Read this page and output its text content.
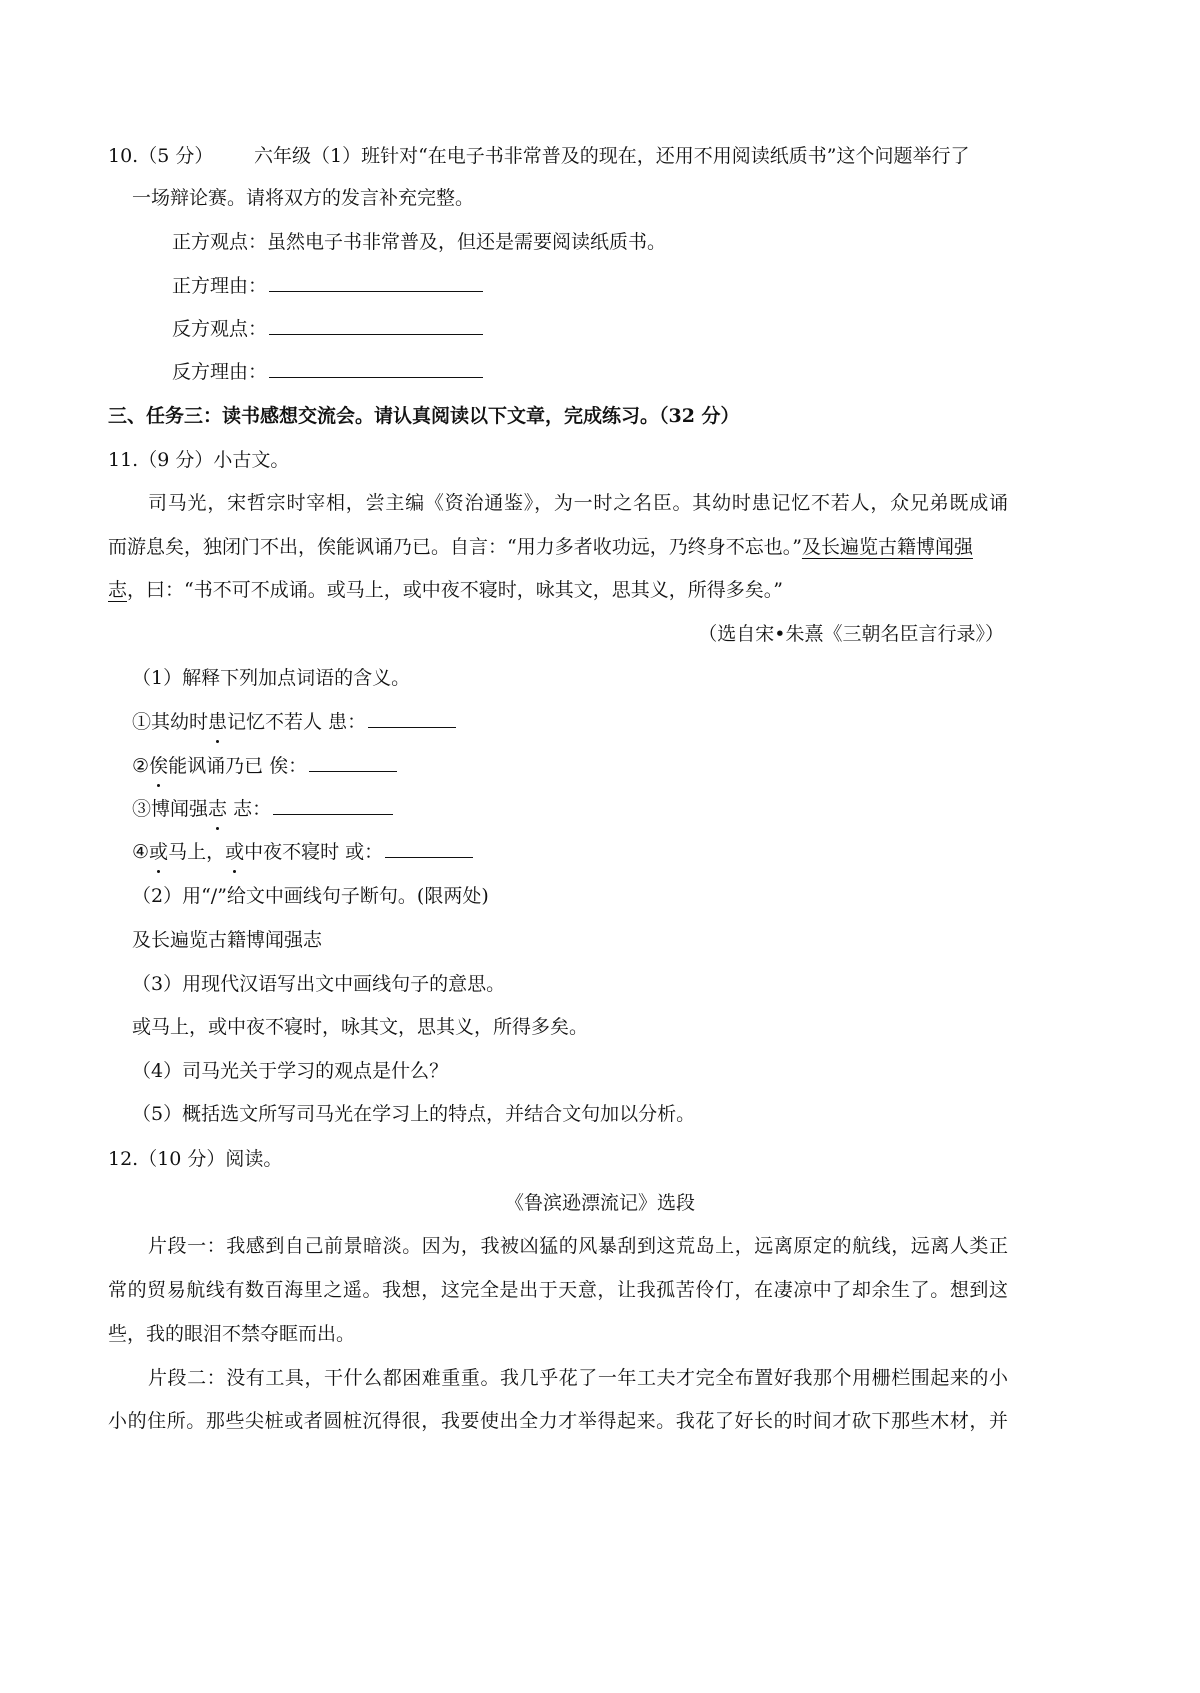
10.（5 分） 六年级（1）班针对“在电子书非常普及的现在，还用不用阅读纸质书”这个问题举行了
一场辩论赛。请将双方的发言补充完整。
正方观点：虽然电子书非常普及，但还是需要阅读纸质书。
正方理由：
反方观点：
反方理由：
三、任务三：读书感想交流会。请认真阅读以下文章，完成练习。（32 分）
11.（9 分）小古文。
司马光，宋哲宗时宰相，尝主编《资治通鉴》，为一时之名臣。其幼时患记忆不若人，众兄弟既成诵
而游息矣，独闭门不出，俟能讽诵乃已。自言：“用力多者收功远，乃终身不忘也。”及长遍览古籍博闻强
志，曰：“书不可不成诵。或马上，或中夜不寝时，咏其文，思其义，所得多矣。”
（选自宋•朱熹《三朝名臣言行录》）
（1）解释下列加点词语的含义。
①其幼时患记忆不若人 患：
②俟能讽诵乃已 俟：
③博闻强志 志：
④或马上，或中夜不寝时 或：
（2）用“/”给文中画线句子断句。(限两处)
及长遍览古籍博闻强志
（3）用现代汉语写出文中画线句子的意思。
或马上，或中夜不寝时，咏其文，思其义，所得多矣。
（4）司马光关于学习的观点是什么？
（5）概括选文所写司马光在学习上的特点，并结合文句加以分析。
12.（10 分）阅读。
《鲁滨逊漂流记》选段
片段一：我感到自己前景暗淡。因为，我被凶猛的风暴刮到这荒岛上，远离原定的航线，远离人类正
常的贸易航线有数百海里之遥。我想，这完全是出于天意，让我孤苦伶仃，在凄凉中了却余生了。想到这
些，我的眼泪不禁夺眶而出。
片段二：没有工具，干什么都困难重重。我几乎花了一年工夫才完全布置好我那个用栅栏围起来的小
小的住所。那些尖桩或者圆桩沉得很，我要使出全力才举得起来。我花了好长的时间才砍下那些木材，并
